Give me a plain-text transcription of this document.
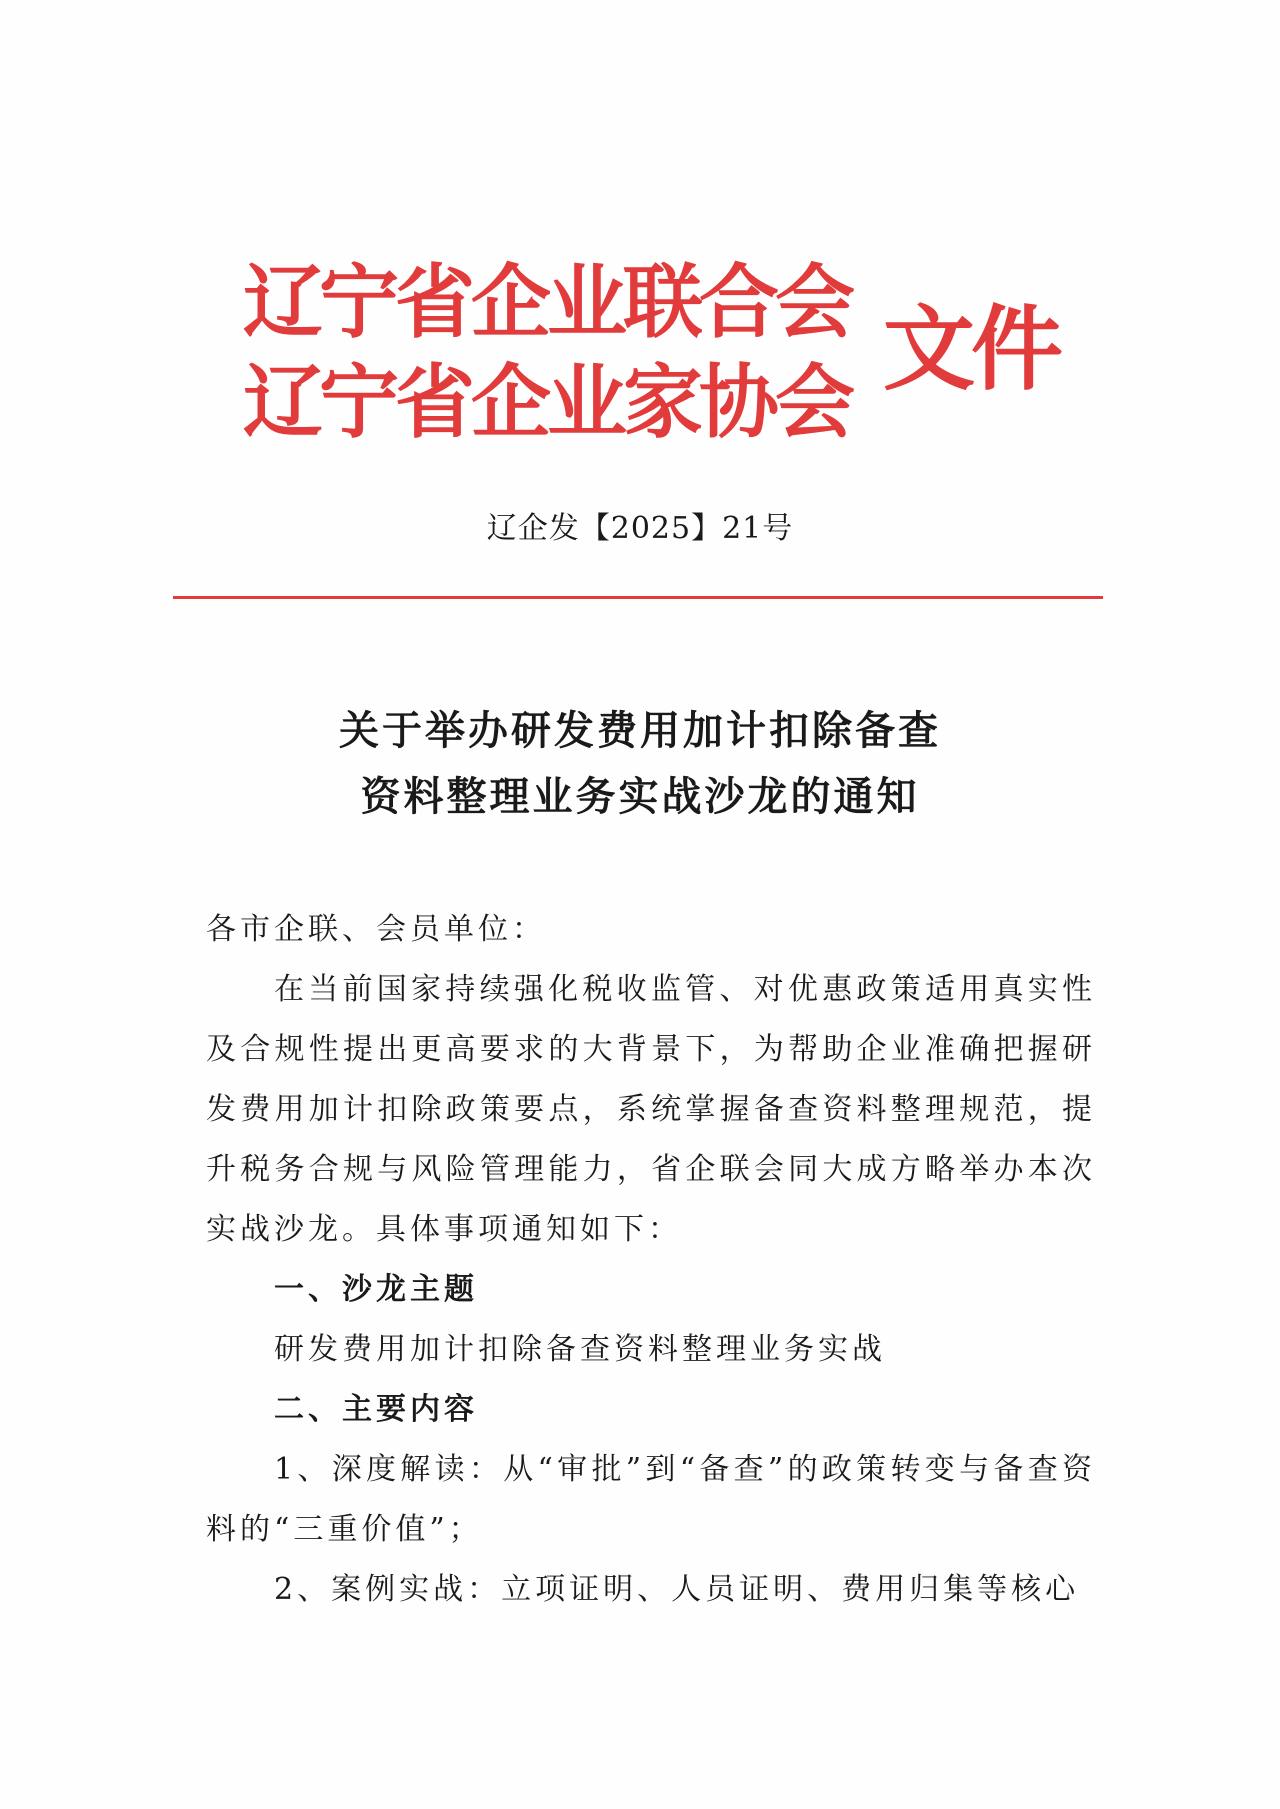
辽宁省企业联合会
辽宁省企业家协会 文件
辽企发【2025】21号
关于举办研发费用加计扣除备查
资料整理业务实战沙龙的通知

各市企联、会员单位：

在当前国家持续强化税收监管、对优惠政策适用真实性及合规性提出更高要求的大背景下，为帮助企业准确把握研发费用加计扣除政策要点，系统掌握备查资料整理规范，提升税务合规与风险管理能力，省企联会同大成方略举办本次实战沙龙。具体事项通知如下：

一、沙龙主题

研发费用加计扣除备查资料整理业务实战

二、主要内容

1、深度解读：从“审批”到“备查”的政策转变与备查资料的“三重价值”；

2、案例实战：立项证明、人员证明、费用归集等核心
